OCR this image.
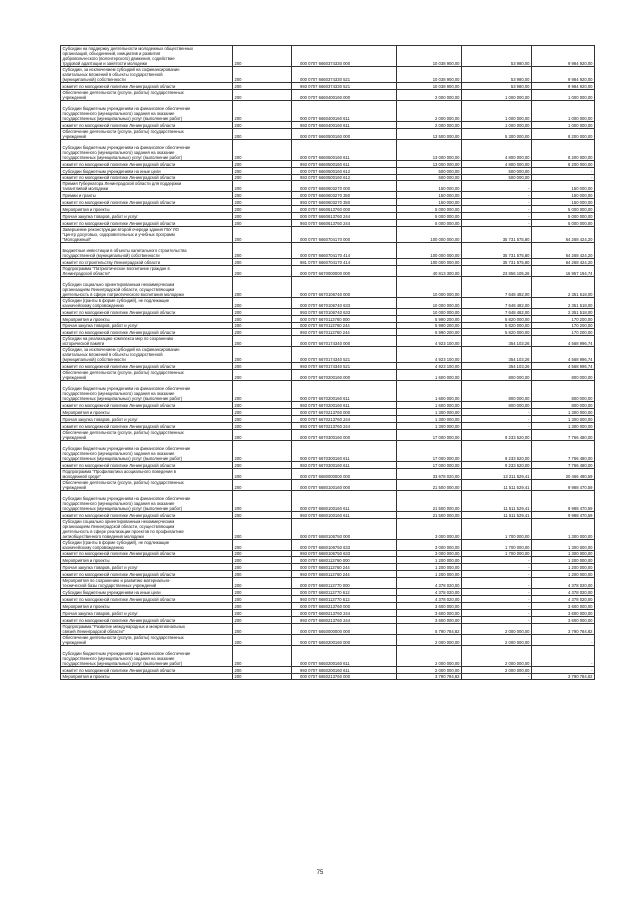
Субсидии на поддержку деятельности молодежных общественных
организаций, объединений, инициатив и развития
добровольческого (волонтерского) движения, содействие
трудовой адаптации и занятости молодежи	200	000 0707 6660374330 000	10 038 900,00	53 980,00	9 984 920,00
Субсидии, за исключением субсидий на софинансирование
капитальных вложений в объекты государственной
(муниципальной) собственности	200	000 0707 6660374330 521	10 038 900,00	53 980,00	9 984 920,00
комитет по молодежной политике Ленинградской области	200	993 0707 6660374330 521	10 038 900,00	53 980,00	9 984 920,00
Обеспечение деятельности (услуги, работы) государственных
учреждений	200	000 0707 6660400160 000	2 000 000,00	1 000 000,00	1 000 000,00

Субсидии бюджетным учреждениям на финансовое обеспечение
государственного (муниципального) задания на оказание
государственных (муниципальных) услуг (выполнение работ)	200	000 0707 6660400160 611	2 000 000,00	1 000 000,00	1 000 000,00
комитет по молодежной политике Ленинградской области	200	993 0707 6660400160 611	2 000 000,00	1 000 000,00	1 000 000,00
Обеспечение деятельности (услуги, работы) государственных
учреждений	200	000 0707 6660500160 000	13 500 000,00	5 300 000,00	8 200 000,00

Субсидии бюджетным учреждениям на финансовое обеспечение
государственного (муниципального) задания на оказание
государственных (муниципальных) услуг (выполнение работ)	200	000 0707 6660500160 611	13 000 000,00	4 800 000,00	8 200 000,00
комитет по молодежной политике Ленинградской области	200	993 0707 6660500160 611	13 000 000,00	4 800 000,00	8 200 000,00
Субсидии бюджетным учреждениям на иные цели	200	000 0707 6660500160 612	500 000,00	500 000,00	-
комитет по молодежной политике Ленинградской области	200	993 0707 6660500160 612	500 000,00	500 000,00	-
Премия Губернатора Ленинградской области для поддержки
талантливой молодежи	200	000 0707 6660603270 000	150 000,00	-	150 000,00
Премии и гранты	200	000 0707 6660603270 350	150 000,00	-	150 000,00
комитет по молодежной политике Ленинградской области	200	993 0707 6660603270 350	150 000,00	-	150 000,00
Мероприятия и проекты	200	000 0707 6660613760 000	5 000 000,00	-	5 000 000,00
Прочая закупка товаров, работ и услуг	200	000 0707 6660613760 244	5 000 000,00	-	5 000 000,00
комитет по молодежной политике Ленинградской области	200	993 0707 6660613760 244	5 000 000,00	-	5 000 000,00
Завершение реконструкции второй очереди здания ГБУ ЛО
"Центр досуговых, оздоровительных и учебных программ
"Молодежный"	200	000 0707 6660704170 000	100 000 000,00	35 731 575,80	64 268 424,20

Бюджетные инвестиции в объекты капитального строительства
государственной (муниципальной) собственности	200	000 0707 6660704170 414	100 000 000,00	35 731 575,80	64 268 424,20
комитет по строительству Ленинградской области	200	981 0707 6660704170 414	100 000 000,00	35 731 575,80	64 268 424,20
Подпрограмма "Патриотическое воспитание граждан в
Ленинградской области"	200	000 0707 6670000000 000	40 813 300,00	23 856 105,26	16 957 194,74

Субсидии социально ориентированным некоммерческим
организациям Ленинградской области, осуществляющим
деятельность в сфере патриотического воспитания молодежи	200	000 0707 6670106740 000	10 000 000,00	7 648 482,00	2 351 518,00
Субсидии (гранты в форме субсидий), не подлежащие
казначейскому сопровождению	200	000 0707 6670106740 633	10 000 000,00	7 648 482,00	2 351 518,00
комитет по молодежной политике Ленинградской области	200	993 0707 6670106740 633	10 000 000,00	7 648 482,00	2 351 518,00
Мероприятия и проекты	200	000 0707 6670113760 000	5 990 200,00	5 820 000,00	170 200,00
Прочая закупка товаров, работ и услуг	200	000 0707 6670113760 244	5 990 200,00	5 820 000,00	170 200,00
комитет по молодежной политике Ленинградской области	200	993 0707 6670113760 244	5 990 200,00	5 820 000,00	170 200,00
Субсидии на реализацию комплекса мер по сохранению
исторической памяти	200	000 0707 6670174340 000	4 923 100,00	354 103,26	4 568 996,74
Субсидии, за исключением субсидий на софинансирование
капитальных вложений в объекты государственной
(муниципальной) собственности	200	000 0707 6670174340 521	4 923 100,00	354 103,26	4 568 996,74
комитет по молодежной политике Ленинградской области	200	993 0707 6670174340 521	4 923 100,00	354 103,26	4 568 996,74
Обеспечение деятельности (услуги, работы) государственных
учреждений	200	000 0707 6670200160 000	1 600 000,00	800 000,00	800 000,00

Субсидии бюджетным учреждениям на финансовое обеспечение
государственного (муниципального) задания на оказание
государственных (муниципальных) услуг (выполнение работ)	200	000 0707 6670200160 611	1 600 000,00	800 000,00	800 000,00
комитет по молодежной политике Ленинградской области	200	993 0707 6670200160 611	1 600 000,00	800 000,00	800 000,00
Мероприятия и проекты	200	000 0707 6670213760 000	1 300 000,00	-	1 300 000,00
Прочая закупка товаров, работ и услуг	200	000 0707 6670213760 244	1 300 000,00	-	1 300 000,00
комитет по молодежной политике Ленинградской области	200	993 0707 6670213760 244	1 300 000,00	-	1 300 000,00
Обеспечение деятельности (услуги, работы) государственных
учреждений	200	000 0707 6670300160 000	17 000 000,00	9 233 520,00	7 766 480,00

Субсидии бюджетным учреждениям на финансовое обеспечение
государственного (муниципального) задания на оказание
государственных (муниципальных) услуг (выполнение работ)	200	000 0707 6670300160 611	17 000 000,00	9 233 520,00	7 766 480,00
комитет по молодежной политике Ленинградской области	200	993 0707 6670300160 611	17 000 000,00	9 233 520,00	7 766 480,00
Подпрограмма "Профилактика асоциального поведения в
молодежной среде"	200	000 0707 6680000000 000	33 678 020,00	13 211 529,41	20 466 490,59
Обеспечение деятельности (услуги, работы) государственных
учреждений	200	000 0707 6680100160 000	21 500 000,00	11 511 529,41	9 988 470,59

Субсидии бюджетным учреждениям на финансовое обеспечение
государственного (муниципального) задания на оказание
государственных (муниципальных) услуг (выполнение работ)	200	000 0707 6680100160 611	21 500 000,00	11 511 529,41	9 988 470,59
комитет по молодежной политике Ленинградской области	200	993 0707 6680100160 611	21 500 000,00	11 511 529,41	9 988 470,59
Субсидии социально ориентированным некоммерческим
организациям Ленинградской области, осуществляющим
деятельность в сфере реализации проектов по профилактике
антиобщественного поведения молодежи	200	000 0707 6680106750 000	3 000 000,00	1 700 000,00	1 300 000,00
Субсидии (гранты в форме субсидий), не подлежащие
казначейскому сопровождению	200	000 0707 6680106750 633	3 000 000,00	1 700 000,00	1 300 000,00
комитет по молодежной политике Ленинградской области	200	993 0707 6680106750 633	3 000 000,00	1 700 000,00	1 300 000,00
Мероприятия и проекты	200	000 0707 6680113760 000	1 200 000,00	-	1 200 000,00
Прочая закупка товаров, работ и услуг	200	000 0707 6680113760 244	1 200 000,00	-	1 200 000,00
комитет по молодежной политике Ленинградской области	200	993 0707 6680113760 244	1 200 000,00	-	1 200 000,00
Мероприятия по сохранению и развитию материально-
технической базы государственных учреждений	200	000 0707 6680113770 000	4 378 020,00	-	4 378 020,00
Субсидии бюджетным учреждениям на иные цели	200	000 0707 6680113770 612	4 378 020,00	-	4 378 020,00
комитет по молодежной политике Ленинградской области	200	993 0707 6680113770 612	4 378 020,00	-	4 378 020,00
Мероприятия и проекты	200	000 0707 6680213760 000	3 600 000,00	-	3 600 000,00
Прочая закупка товаров, работ и услуг	200	000 0707 6680213760 244	3 600 000,00	-	3 600 000,00
комитет по молодежной политике Ленинградской области	200	993 0707 6680213760 244	3 600 000,00	-	3 600 000,00
Подпрограмма "Развитие международных и межрегиональных
связей Ленинградской области"	200	000 0707 6650000000 000	5 790 784,82	2 000 000,00	3 790 784,82
Обеспечение деятельности (услуги, работы) государственных
учреждений	200	000 0707 6650200160 000	2 000 000,00	2 000 000,00	-

Субсидии бюджетным учреждениям на финансовое обеспечение
государственного (муниципального) задания на оказание
государственных (муниципальных) услуг (выполнение работ)	200	000 0707 6650200160 611	2 000 000,00	2 000 000,00	-
комитет по молодежной политике Ленинградской области	200	993 0707 6650200160 611	2 000 000,00	2 000 000,00	-
Мероприятия и проекты	200	000 0707 6650213760 000	3 790 784,82	-	3 790 784,82
75
